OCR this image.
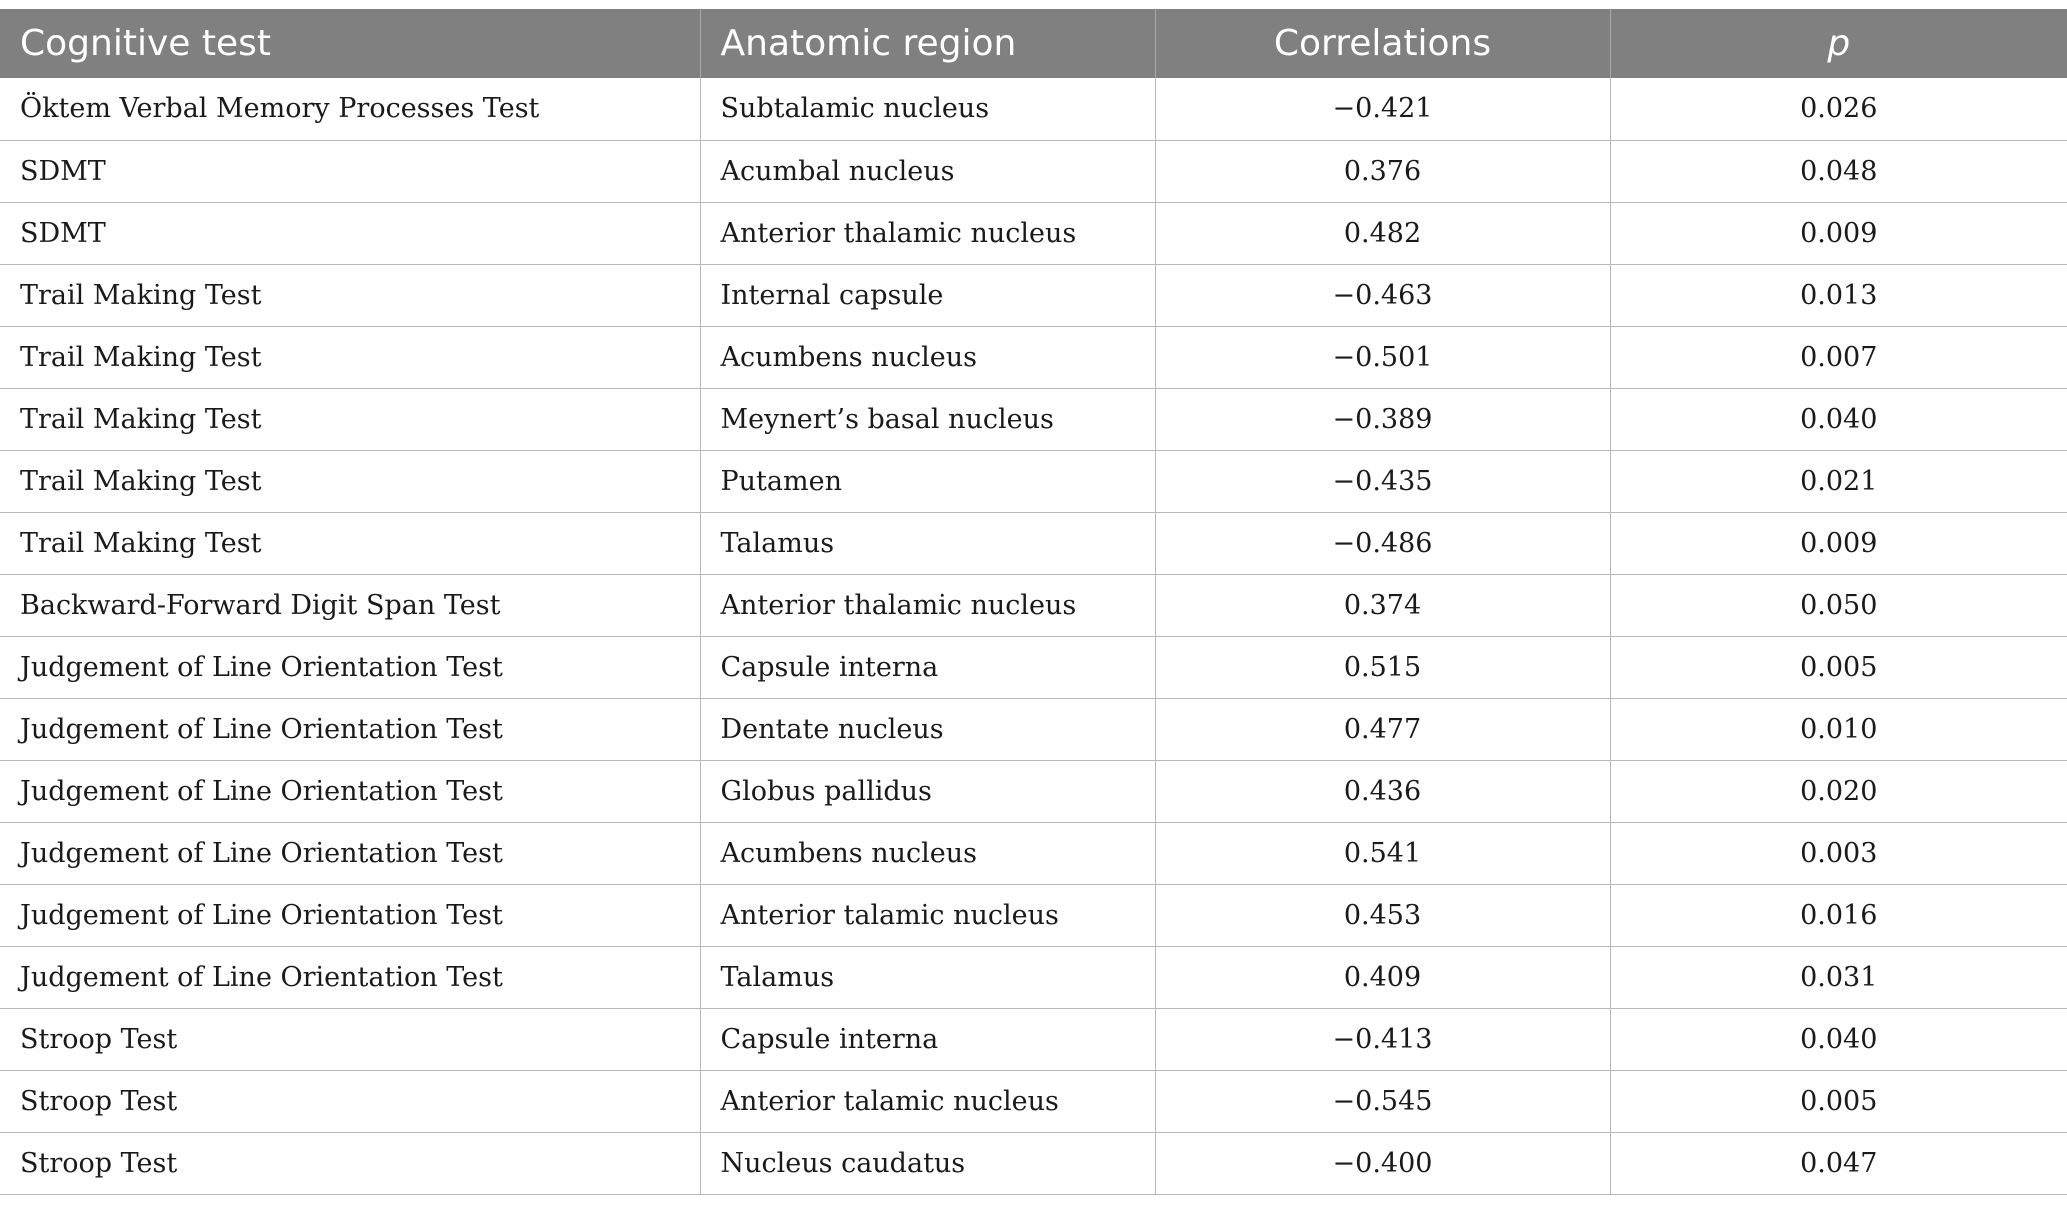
Cognitive test	Anatomic region	Correlations	p
Öktem Verbal Memory Processes Test	Subtalamic nucleus	−0.421	0.026
SDMT	Acumbal nucleus	0.376	0.048
SDMT	Anterior thalamic nucleus	0.482	0.009
Trail Making Test	Internal capsule	−0.463	0.013
Trail Making Test	Acumbens nucleus	−0.501	0.007
Trail Making Test	Meynert’s basal nucleus	−0.389	0.040
Trail Making Test	Putamen	−0.435	0.021
Trail Making Test	Talamus	−0.486	0.009
Backward-Forward Digit Span Test	Anterior thalamic nucleus	0.374	0.050
Judgement of Line Orientation Test	Capsule interna	0.515	0.005
Judgement of Line Orientation Test	Dentate nucleus	0.477	0.010
Judgement of Line Orientation Test	Globus pallidus	0.436	0.020
Judgement of Line Orientation Test	Acumbens nucleus	0.541	0.003
Judgement of Line Orientation Test	Anterior talamic nucleus	0.453	0.016
Judgement of Line Orientation Test	Talamus	0.409	0.031
Stroop Test	Capsule interna	−0.413	0.040
Stroop Test	Anterior talamic nucleus	−0.545	0.005
Stroop Test	Nucleus caudatus	−0.400	0.047
